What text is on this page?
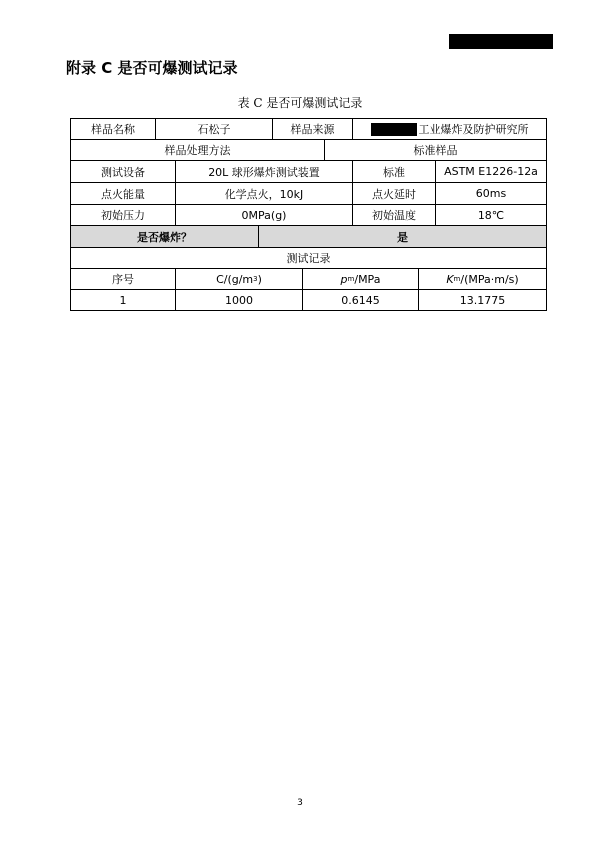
附录 C 是否可爆测试记录
表 C 是否可爆测试记录
样品名称	石松子	样品来源	工业爆炸及防护研究所
样品处理方法	标准样品
测试设备	20L 球形爆炸测试装置	标准	ASTM E1226-12a
点火能量	化学点火，10kJ	点火延时	60ms
初始压力	0MPa(g)	初始温度	18℃
是否爆炸？	是
测试记录
序号	C/(g/m 3 )	p m /MPa	K m /(MPa·m/s)
1	1000	0.6145	13.1775
3
